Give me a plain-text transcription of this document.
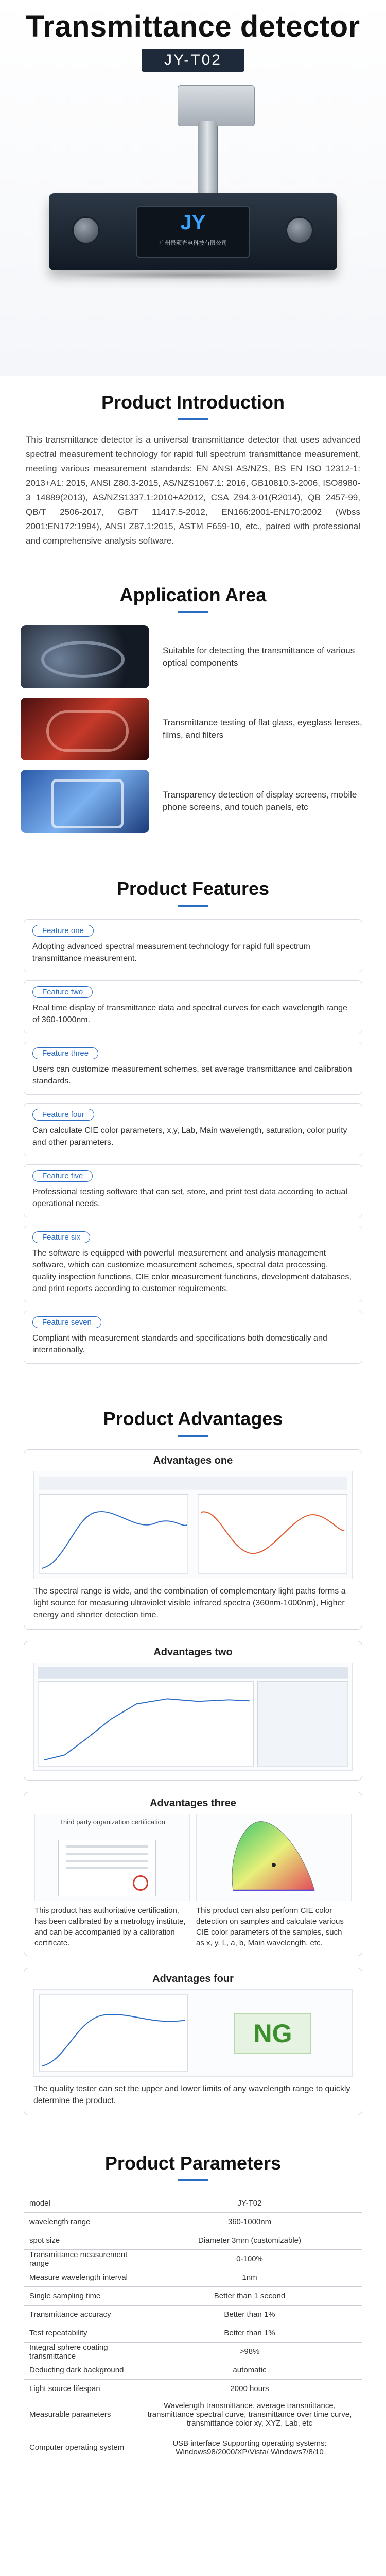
Transmittance detector
JY-T02
JY
广州景颐光电科技有限公司
Product Introduction

This transmittance detector is a universal transmittance detector that uses advanced spectral measurement technology for rapid full spectrum transmittance measurement, meeting various measurement standards: EN ANSI AS/NZS, BS EN ISO 12312-1: 2013+A1: 2015, ANSI Z80.3-2015, AS/NZS1067.1: 2016, GB10810.3-2006, ISO8980-3 14889(2013), AS/NZS1337.1:2010+A2012, CSA Z94.3-01(R2014), QB 2457-99, QB/T 2506-2017, GB/T 11417.5-2012, EN166:2001-EN170:2002 (Wbss 2001:EN172:1994), ANSI Z87.1:2015, ASTM F659-10, etc., paired with professional and comprehensive analysis software.

Application Area
Suitable for detecting the transmittance of various optical components
Transmittance testing of flat glass, eyeglass lenses, films, and filters
Transparency detection of display screens, mobile phone screens, and touch panels, etc
Product Features
Feature one

Adopting advanced spectral measurement technology for rapid full spectrum transmittance measurement.

Feature two

Real time display of transmittance data and spectral curves for each wavelength range of 360-1000nm.

Feature three

Users can customize measurement schemes, set average transmittance and calibration standards.

Feature four

Can calculate CIE color parameters, x,y, Lab, Main wavelength, saturation, color purity and other parameters.

Feature five

Professional testing software that can set, store, and print test data according to actual operational needs.

Feature six

The software is equipped with powerful measurement and analysis management software, which can customize measurement schemes, spectral data processing, quality inspection functions, CIE color measurement functions, development databases, and print reports according to customer requirements.

Feature seven

Compliant with measurement standards and specifications both domestically and internationally.

Product Advantages
Advantages one
The spectral range is wide, and the combination of complementary light paths forms a light source for measuring ultraviolet visible infrared spectra (360nm-1000nm), Higher energy and shorter detection time.
Advantages two
Advantages three
Third party organization certification

This product has authoritative certification, has been calibrated by a metrology institute, and can be accompanied by a calibration certificate.

This product can also perform CIE color detection on samples and calculate various CIE color parameters of the samples, such as x, y, L, a, b, Main wavelength, etc.

Advantages four
NG
The quality tester can set the upper and lower limits of any wavelength range to quickly determine the product.
Product Parameters
model	JY-T02
wavelength range	360-1000nm
spot size	Diameter 3mm (customizable)
Transmittance measurement range	0-100%
Measure wavelength interval	1nm
Single sampling time	Better than 1 second
Transmittance accuracy	Better than 1%
Test repeatability	Better than 1%
Integral sphere coating transmittance	>98%
Deducting dark background	automatic
Light source lifespan	2000 hours
Measurable parameters	Wavelength transmittance, average transmittance, transmittance spectral curve, transmittance over time curve, transmittance color xy, XYZ, Lab, etc
Computer operating system	USB interface Supporting operating systems: Windows98/2000/XP/Vista/ Windows7/8/10
